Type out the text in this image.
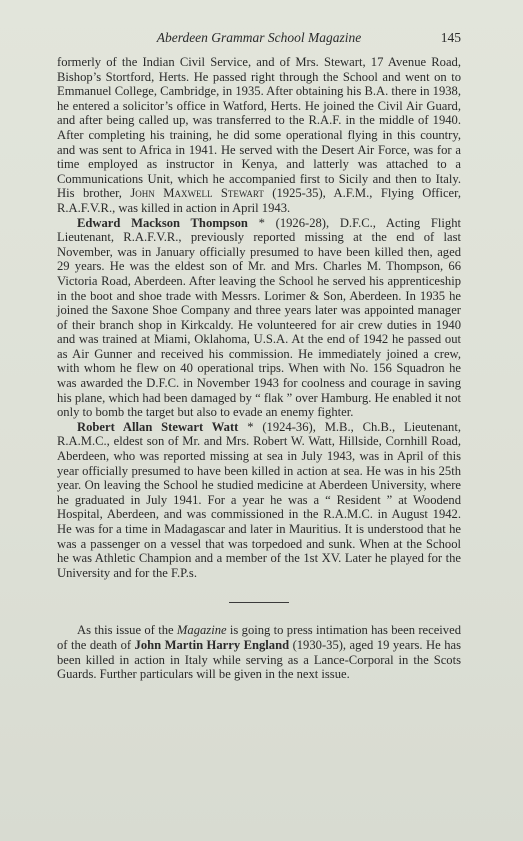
Aberdeen Grammar School Magazine	145

formerly of the Indian Civil Service, and of Mrs. Stewart, 17 Avenue Road, Bishop’s Stortford, Herts. He passed right through the School and went on to Emmanuel College, Cambridge, in 1935. After obtaining his B.A. there in 1938, he entered a solicitor’s office in Watford, Herts. He joined the Civil Air Guard, and after being called up, was transferred to the R.A.F. in the middle of 1940. After completing his training, he did some operational flying in this country, and was sent to Africa in 1941. He served with the Desert Air Force, was for a time employed as instructor in Kenya, and latterly was attached to a Communications Unit, which he accompanied first to Sicily and then to Italy. His brother, John Maxwell Stewart (1925-35), A.F.M., Flying Officer, R.A.F.V.R., was killed in action in April 1943.

Edward Mackson Thompson * (1926-28), D.F.C., Acting Flight Lieutenant, R.A.F.V.R., previously reported missing at the end of last November, was in January officially presumed to have been killed then, aged 29 years. He was the eldest son of Mr. and Mrs. Charles M. Thompson, 66 Victoria Road, Aberdeen. After leaving the School he served his apprenticeship in the boot and shoe trade with Messrs. Lorimer & Son, Aberdeen. In 1935 he joined the Saxone Shoe Company and three years later was appointed manager of their branch shop in Kirkcaldy. He volunteered for air crew duties in 1940 and was trained at Miami, Oklahoma, U.S.A. At the end of 1942 he passed out as Air Gunner and received his commission. He immediately joined a crew, with whom he flew on 40 operational trips. When with No. 156 Squadron he was awarded the D.F.C. in November 1943 for coolness and courage in saving his plane, which had been damaged by “ flak ” over Hamburg. He enabled it not only to bomb the target but also to evade an enemy fighter.

Robert Allan Stewart Watt * (1924-36), M.B., Ch.B., Lieutenant, R.A.M.C., eldest son of Mr. and Mrs. Robert W. Watt, Hillside, Cornhill Road, Aberdeen, who was reported missing at sea in July 1943, was in April of this year officially presumed to have been killed in action at sea. He was in his 25th year. On leaving the School he studied medicine at Aberdeen University, where he graduated in July 1941. For a year he was a “ Resident ” at Woodend Hospital, Aberdeen, and was commissioned in the R.A.M.C. in August 1942. He was for a time in Madagascar and later in Mauritius. It is understood that he was a passenger on a vessel that was torpedoed and sunk. When at the School he was Athletic Champion and a member of the 1st XV. Later he played for the University and for the F.P.s.

As this issue of the Magazine is going to press intimation has been received of the death of John Martin Harry England (1930-35), aged 19 years. He has been killed in action in Italy while serving as a Lance-Corporal in the Scots Guards. Further particulars will be given in the next issue.
